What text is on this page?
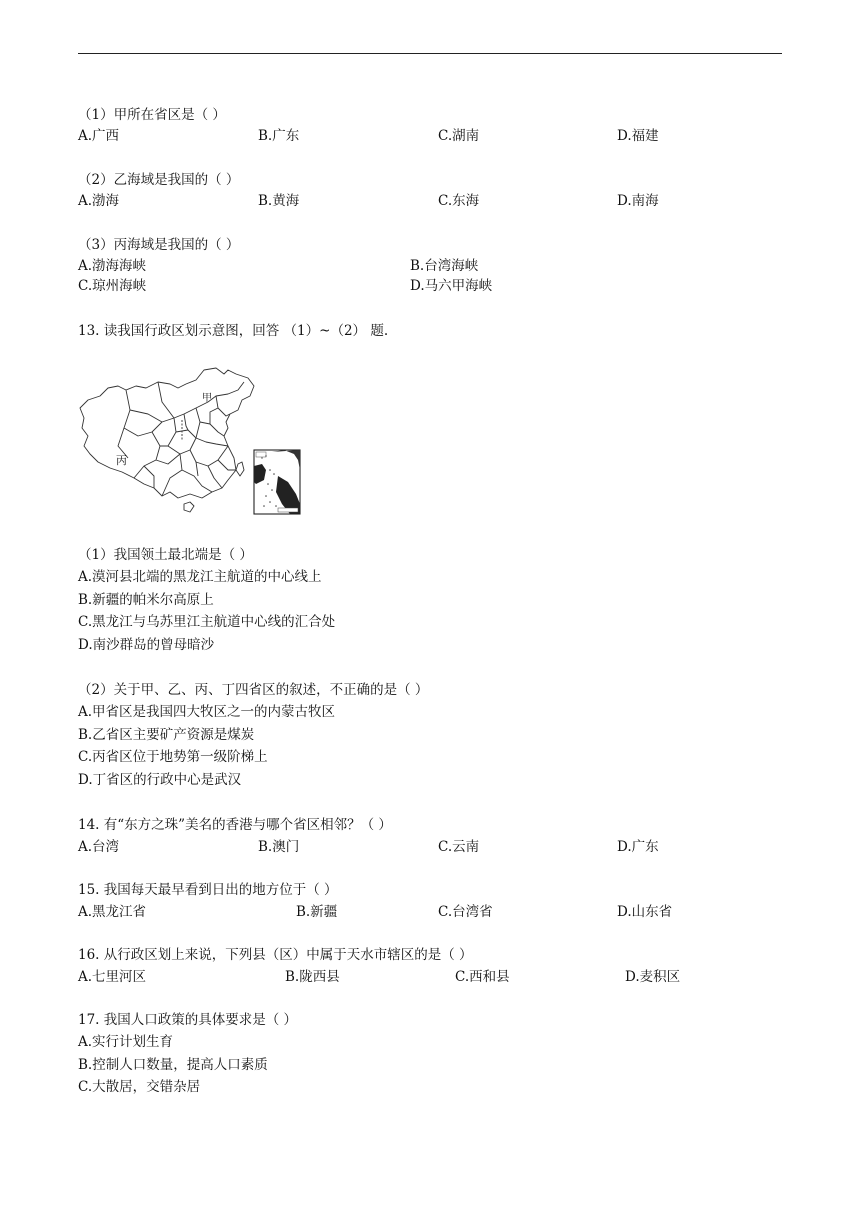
（1）甲所在省区是（ ）
A.广西	B.广东	C.湖南	D.福建
（2）乙海域是我国的（ ）
A.渤海	B.黄海	C.东海	D.南海
（3）丙海域是我国的（ ）
A.渤海海峡	B.台湾海峡
C.琼州海峡	D.马六甲海峡
13. 读我国行政区划示意图，回答 （1）~（2） 题.
甲
丙
（1）我国领土最北端是（ ）
A.漠河县北端的黑龙江主航道的中心线上
B.新疆的帕米尔高原上
C.黑龙江与乌苏里江主航道中心线的汇合处
D.南沙群岛的曾母暗沙
（2）关于甲、乙、丙、丁四省区的叙述，不正确的是（ ）
A.甲省区是我国四大牧区之一的内蒙古牧区
B.乙省区主要矿产资源是煤炭
C.丙省区位于地势第一级阶梯上
D.丁省区的行政中心是武汉
14. 有“东方之珠”美名的香港与哪个省区相邻？（ ）
A.台湾	B.澳门	C.云南	D.广东
15. 我国每天最早看到日出的地方位于（ ）
A.黑龙江省	B.新疆	C.台湾省	D.山东省
16. 从行政区划上来说，下列县（区）中属于天水市辖区的是（ ）
A.七里河区	B.陇西县	C.西和县	D.麦积区
17. 我国人口政策的具体要求是（ ）
A.实行计划生育
B.控制人口数量，提高人口素质
C.大散居，交错杂居
